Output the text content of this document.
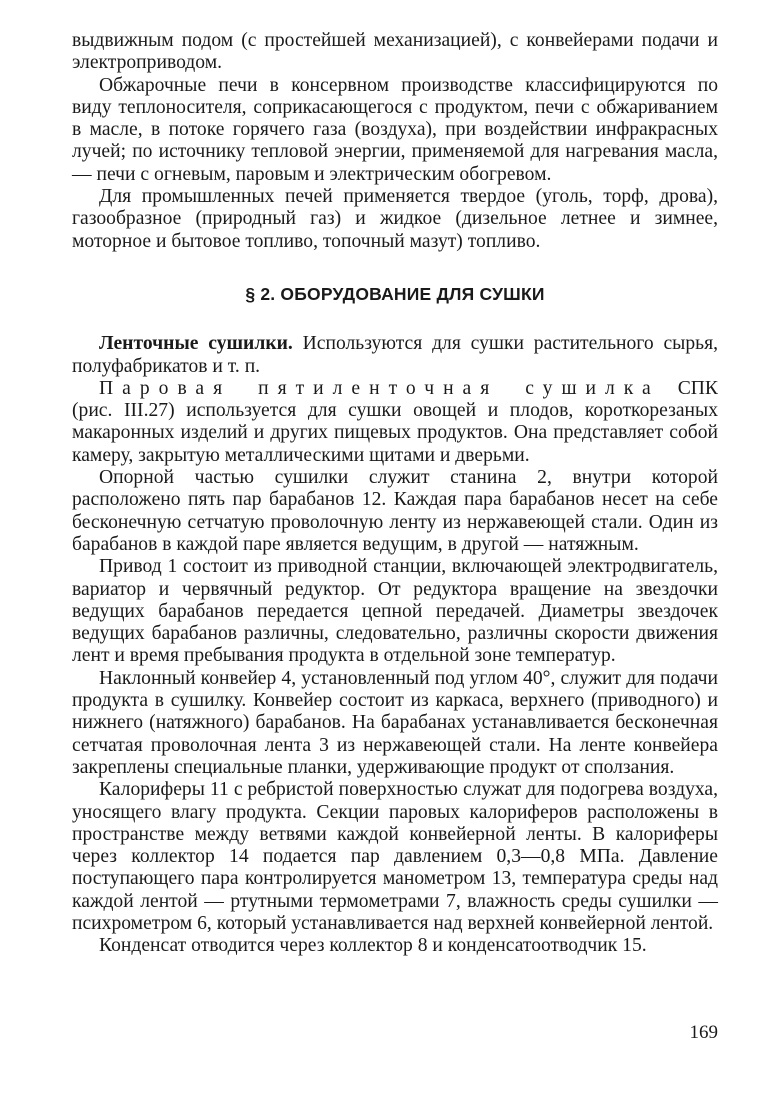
выдвижным подом (с простейшей механизацией), с конвейерами подачи и электроприводом.

Обжарочные печи в консервном производстве классифицируются по виду теплоносителя, соприкасающегося с продуктом, печи с обжариванием в масле, в потоке горячего газа (воздуха), при воздействии инфракрасных лучей; по источнику тепловой энергии, применяемой для нагревания масла, — печи с огневым, паровым и электрическим обогревом.

Для промышленных печей применяется твердое (уголь, торф, дрова), газообразное (природный газ) и жидкое (дизельное летнее и зимнее, моторное и бытовое топливо, топочный мазут) топливо.

§ 2. ОБОРУДОВАНИЕ ДЛЯ СУШКИ

Ленточные сушилки. Используются для сушки растительного сырья, полуфабрикатов и т. п.

Паровая пятиленточная сушилка СПК (рис. III.27) используется для сушки овощей и плодов, короткорезаных макаронных изделий и других пищевых продуктов. Она представляет собой камеру, закрытую металлическими щитами и дверьми.

Опорной частью сушилки служит станина 2, внутри которой расположено пять пар барабанов 12. Каждая пара барабанов несет на себе бесконечную сетчатую проволочную ленту из нержавеющей стали. Один из барабанов в каждой паре является ведущим, в другой — натяжным.

Привод 1 состоит из приводной станции, включающей электродвигатель, вариатор и червячный редуктор. От редуктора вращение на звездочки ведущих барабанов передается цепной передачей. Диаметры звездочек ведущих барабанов различны, следовательно, различны скорости движения лент и время пребывания продукта в отдельной зоне температур.

Наклонный конвейер 4, установленный под углом 40°, служит для подачи продукта в сушилку. Конвейер состоит из каркаса, верхнего (приводного) и нижнего (натяжного) барабанов. На барабанах устанавливается бесконечная сетчатая проволочная лента 3 из нержавеющей стали. На ленте конвейера закреплены специальные планки, удерживающие продукт от сползания.

Калориферы 11 с ребристой поверхностью служат для подогрева воздуха, уносящего влагу продукта. Секции паровых калориферов расположены в пространстве между ветвями каждой конвейерной ленты. В калориферы через коллектор 14 подается пар давлением 0,3—0,8 МПа. Давление поступающего пара контролируется манометром 13, температура среды над каждой лентой — ртутными термометрами 7, влажность среды сушилки — психрометром 6, который устанавливается над верхней конвейерной лентой.

Конденсат отводится через коллектор 8 и конденсатоотводчик 15.

169
